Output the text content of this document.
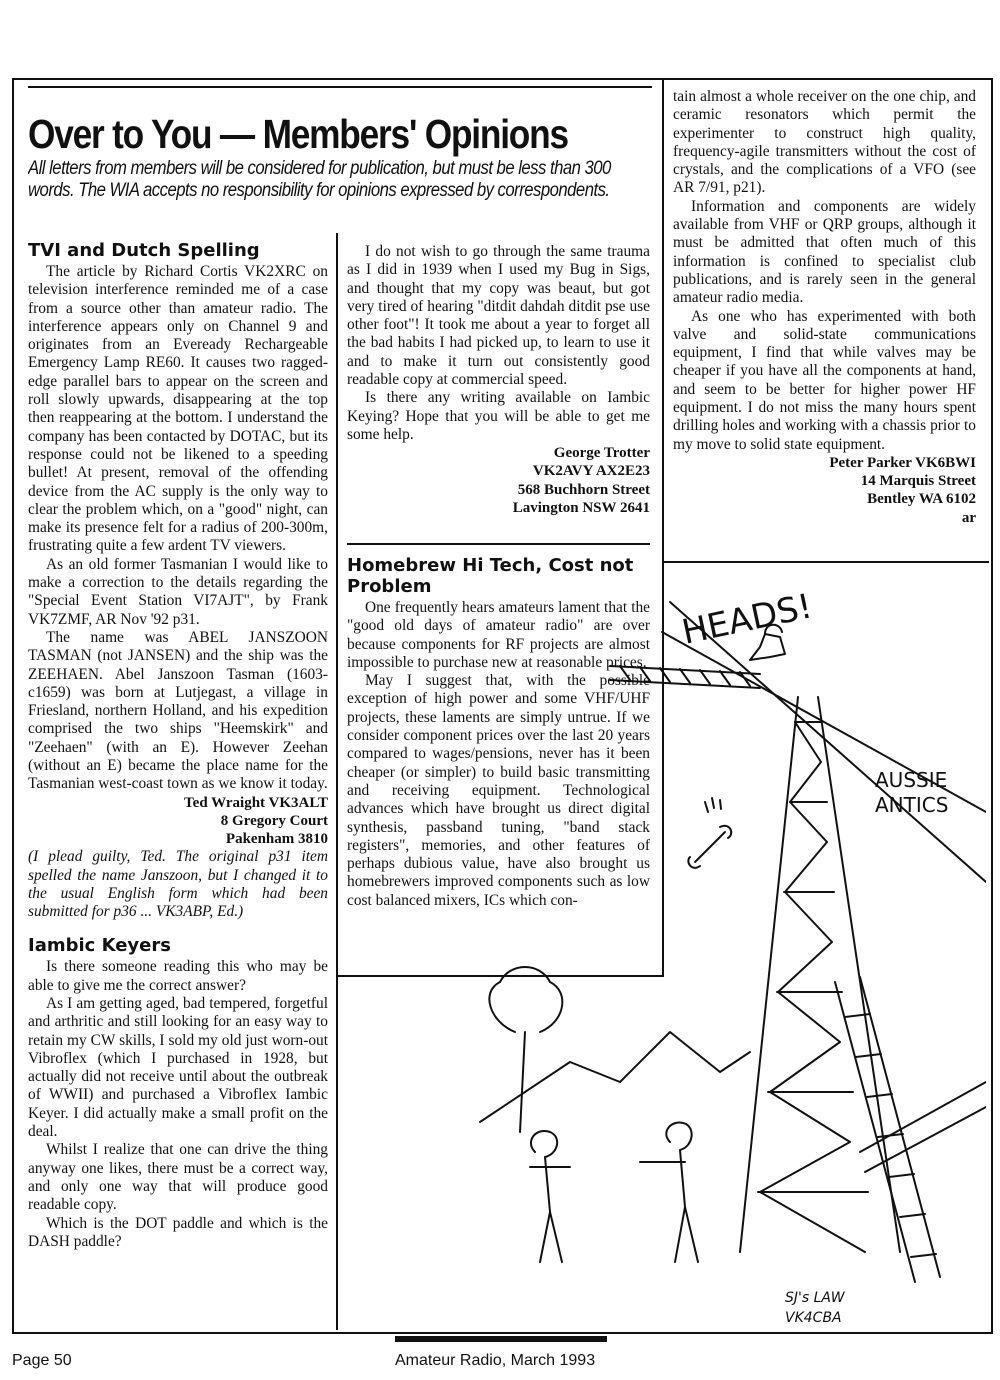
Over to You — Members' Opinions
All letters from members will be considered for publication, but must be less than 300 words. The WIA accepts no responsibility for opinions expressed by correspondents.
TVI and Dutch Spelling

The article by Richard Cortis VK2XRC on television interference reminded me of a case from a source other than amateur radio. The interference appears only on Channel 9 and originates from an Eveready Rechargeable Emergency Lamp RE60. It causes two ragged-edge parallel bars to appear on the screen and roll slowly upwards, disappearing at the top then reappearing at the bottom. I understand the company has been contacted by DOTAC, but its response could not be likened to a speeding bullet! At present, removal of the offending device from the AC supply is the only way to clear the problem which, on a "good" night, can make its presence felt for a radius of 200-300m, frustrating quite a few ardent TV viewers.

As an old former Tasmanian I would like to make a correction to the details regarding the "Special Event Station VI7AJT", by Frank VK7ZMF, AR Nov '92 p31.

The name was ABEL JANSZOON TASMAN (not JANSEN) and the ship was the ZEEHAEN. Abel Janszoon Tasman (1603-c1659) was born at Lutjegast, a village in Friesland, northern Holland, and his expedition comprised the two ships "Heemskirk" and "Zeehaen" (with an E). However Zeehan (without an E) became the place name for the Tasmanian west-coast town as we know it today.

Ted Wraight VK3ALT
8 Gregory Court
Pakenham 3810

(I plead guilty, Ted. The original p31 item spelled the name Janszoon, but I changed it to the usual English form which had been submitted for p36 ... VK3ABP, Ed.)

Iambic Keyers

Is there someone reading this who may be able to give me the correct answer?

As I am getting aged, bad tempered, forgetful and arthritic and still looking for an easy way to retain my CW skills, I sold my old just worn-out Vibroflex (which I purchased in 1928, but actually did not receive until about the outbreak of WWII) and purchased a Vibroflex Iambic Keyer. I did actually make a small profit on the deal.

Whilst I realize that one can drive the thing anyway one likes, there must be a correct way, and only one way that will produce good readable copy.

Which is the DOT paddle and which is the DASH paddle?

I do not wish to go through the same trauma as I did in 1939 when I used my Bug in Sigs, and thought that my copy was beaut, but got very tired of hearing "ditdit dahdah ditdit pse use other foot"! It took me about a year to forget all the bad habits I had picked up, to learn to use it and to make it turn out consistently good readable copy at commercial speed.

Is there any writing available on Iambic Keying? Hope that you will be able to get me some help.

George Trotter
VK2AVY AX2E23
568 Buchhorn Street
Lavington NSW 2641
Homebrew Hi Tech, Cost not Problem

One frequently hears amateurs lament that the "good old days of amateur radio" are over because components for RF projects are almost impossible to purchase new at reasonable prices.

May I suggest that, with the possible exception of high power and some VHF/UHF projects, these laments are simply untrue. If we consider component prices over the last 20 years compared to wages/pensions, never has it been cheaper (or simpler) to build basic transmitting and receiving equipment. Technological advances which have brought us direct digital synthesis, passband tuning, "band stack registers", memories, and other features of perhaps dubious value, have also brought us homebrewers improved components such as low cost balanced mixers, ICs which con-

tain almost a whole receiver on the one chip, and ceramic resonators which permit the experimenter to construct high quality, frequency-agile transmitters without the cost of crystals, and the complications of a VFO (see AR 7/91, p21).

Information and components are widely available from VHF or QRP groups, although it must be admitted that often much of this information is confined to specialist club publications, and is rarely seen in the general amateur radio media.

As one who has experimented with both valve and solid-state communications equipment, I find that while valves may be cheaper if you have all the components at hand, and seem to be better for higher power HF equipment. I do not miss the many hours spent drilling holes and working with a chassis prior to my move to solid state equipment.

Peter Parker VK6BWI
14 Marquis Street
Bentley WA 6102
ar
HEADS!
AUSSIE
ANTICS
SJ's LAW
VK4CBA
Page 50	Amateur Radio, March 1993
